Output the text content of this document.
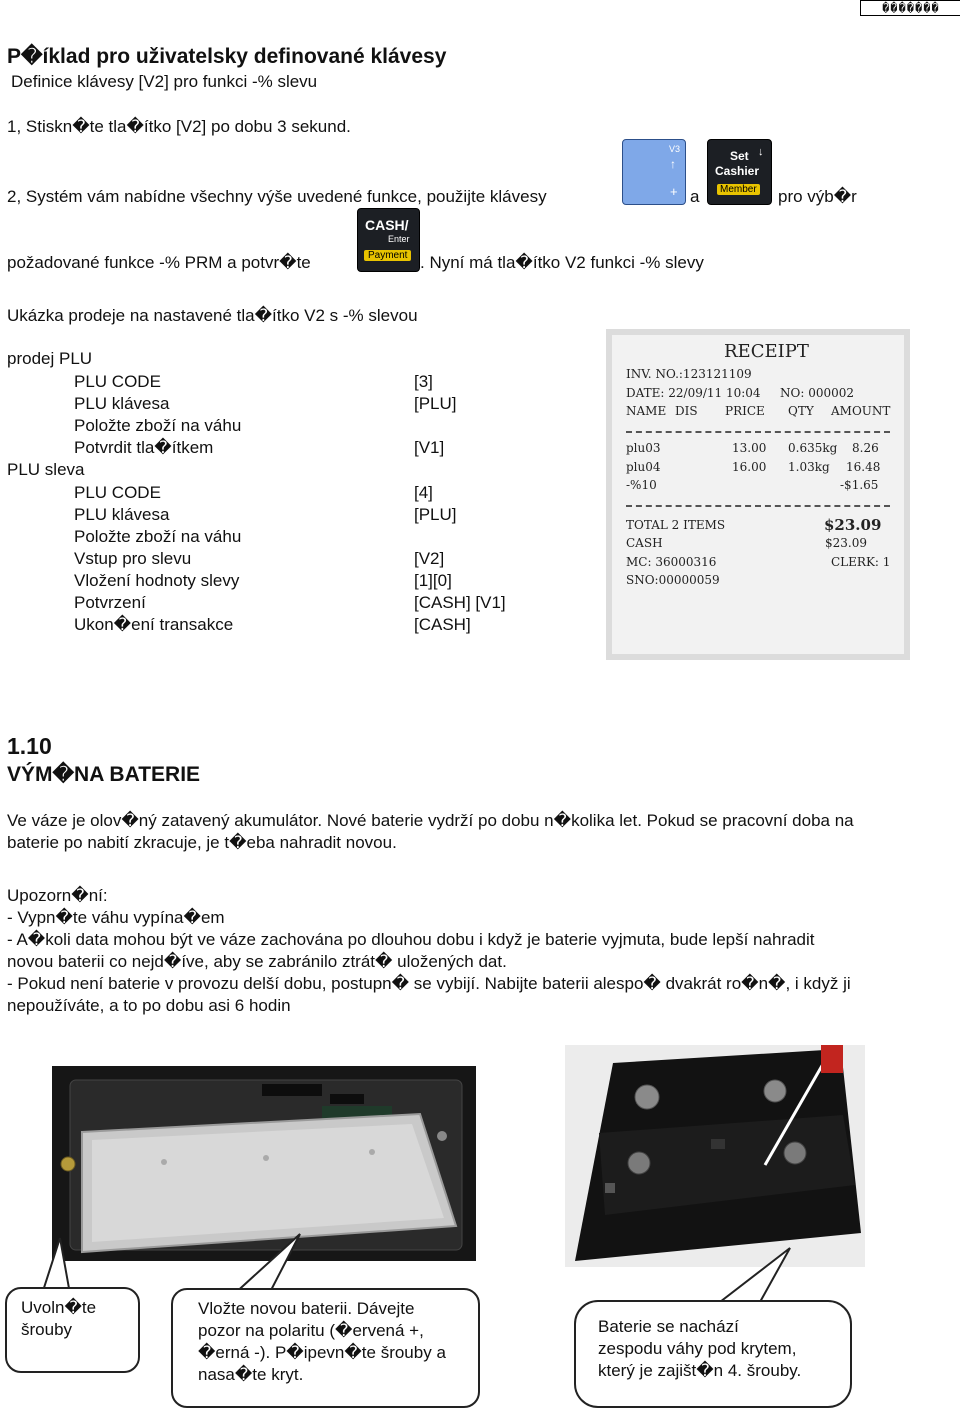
�������
P�íklad pro uživatelsky definované klávesy
Definice klávesy [V2] pro funkci -% slevu
1, Stiskn�te tla�ítko [V2] po dobu 3 sekund.
2, Systém vám nabídne všechny výše uvedené funkce, použijte klávesy
V3
↑
+ a
Set ↓
Cashier
Member pro výb�r
požadované funkce -% PRM a potvr�te
CASH/
Enter
Payment . Nyní má tla�ítko V2 funkci -% slevy
Ukázka prodeje na nastavené tla�ítko V2 s -% slevou
prodej PLU
PLU CODE	[3]
PLU klávesa	[PLU]
Položte zboží na váhu
Potvrdit tla�ítkem	[V1]
PLU sleva
PLU CODE	[4]
PLU klávesa	[PLU]
Položte zboží na váhu
Vstup pro slevu	[V2]
Vložení hodnoty slevy	[1][0]
Potvrzení	[CASH] [V1]
Ukon�ení transakce	[CASH]
RECEIPT
INV. NO.:123121109
DATE: 22/09/11 10:04 NO: 000002
NAME DIS PRICE QTY AMOUNT
plu03	13.00 0.635kg 8.26
plu04	16.00 1.03kg 16.48
-%10	-$1.65
TOTAL 2 ITEMS	$23.09
CASH	$23.09
MC: 36000316	CLERK: 1
SNO:00000059
1.10
VÝM�NA BATERIE
Ve váze je olov�ný zatavený akumulátor. Nové baterie vydrží po dobu n�kolika let. Pokud se pracovní doba na
baterie po nabití zkracuje, je t�eba nahradit novou.
Upozorn�ní:
- Vypn�te váhu vypína�em
- A�koli data mohou být ve váze zachována po dlouhou dobu i když je baterie vyjmuta, bude lepší nahradit
novou baterii co nejd�íve, aby se zabránilo ztrát� uložených dat.
- Pokud není baterie v provozu delší dobu, postupn� se vybijí. Nabijte baterii alespo� dvakrát ro�n�, i když ji
nepoužíváte, a to po dobu asi 6 hodin
Uvoln�te
šrouby
Vložte novou baterii. Dávejte
pozor na polaritu (�ervená +,
�erná -). P�ipevn�te šrouby a
nasa�te kryt.
Baterie se nachází
zespodu váhy pod krytem,
který je zajišt�n 4. šrouby.
